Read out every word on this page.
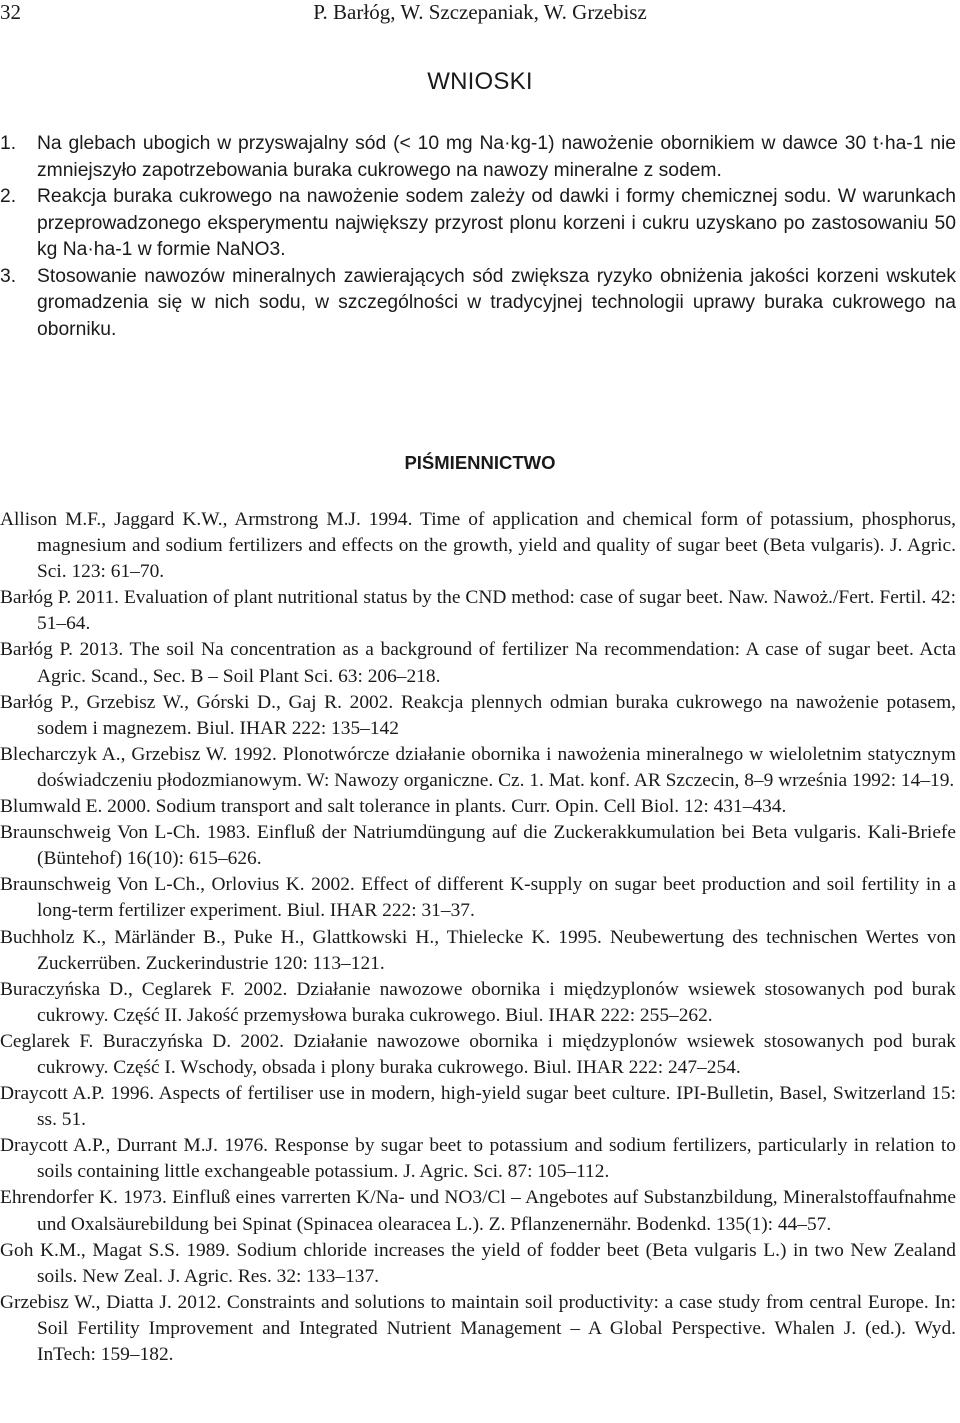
32	P. Barłóg, W. Szczepaniak, W. Grzebisz
WNIOSKI

1. Na glebach ubogich w przyswajalny sód (< 10 mg Na·kg-1) nawożenie obornikiem w dawce 30 t·ha-1 nie zmniejszyło zapotrzebowania buraka cukrowego na nawozy mineralne z sodem.

2. Reakcja buraka cukrowego na nawożenie sodem zależy od dawki i formy chemicznej sodu. W warunkach przeprowadzonego eksperymentu największy przyrost plonu korzeni i cukru uzyskano po zastosowaniu 50 kg Na·ha-1 w formie NaNO3.

3. Stosowanie nawozów mineralnych zawierających sód zwiększa ryzyko obniżenia jakości korzeni wskutek gromadzenia się w nich sodu, w szczególności w tradycyjnej technologii uprawy buraka cukrowego na oborniku.

PIŚMIENNICTWO

Allison M.F., Jaggard K.W., Armstrong M.J. 1994. Time of application and chemical form of potassium, phosphorus, magnesium and sodium fertilizers and effects on the growth, yield and quality of sugar beet (Beta vulgaris). J. Agric. Sci. 123: 61–70.

Barłóg P. 2011. Evaluation of plant nutritional status by the CND method: case of sugar beet. Naw. Nawoż./Fert. Fertil. 42: 51–64.

Barłóg P. 2013. The soil Na concentration as a background of fertilizer Na recommendation: A case of sugar beet. Acta Agric. Scand., Sec. B – Soil Plant Sci. 63: 206–218.

Barłóg P., Grzebisz W., Górski D., Gaj R. 2002. Reakcja plennych odmian buraka cukrowego na nawożenie potasem, sodem i magnezem. Biul. IHAR 222: 135–142

Blecharczyk A., Grzebisz W. 1992. Plonotwórcze działanie obornika i nawożenia mineralnego w wieloletnim statycznym doświadczeniu płodozmianowym. W: Nawozy organiczne. Cz. 1. Mat. konf. AR Szczecin, 8–9 września 1992: 14–19.

Blumwald E. 2000. Sodium transport and salt tolerance in plants. Curr. Opin. Cell Biol. 12: 431–434.

Braunschweig Von L-Ch. 1983. Einfluß der Natriumdüngung auf die Zuckerakkumulation bei Beta vulgaris. Kali-Briefe (Büntehof) 16(10): 615–626.

Braunschweig Von L-Ch., Orlovius K. 2002. Effect of different K-supply on sugar beet production and soil fertility in a long-term fertilizer experiment. Biul. IHAR 222: 31–37.

Buchholz K., Märländer B., Puke H., Glattkowski H., Thielecke K. 1995. Neubewertung des technischen Wertes von Zuckerrüben. Zuckerindustrie 120: 113–121.

Buraczyńska D., Ceglarek F. 2002. Działanie nawozowe obornika i międzyplonów wsiewek stosowanych pod burak cukrowy. Część II. Jakość przemysłowa buraka cukrowego. Biul. IHAR 222: 255–262.

Ceglarek F. Buraczyńska D. 2002. Działanie nawozowe obornika i międzyplonów wsiewek stosowanych pod burak cukrowy. Część I. Wschody, obsada i plony buraka cukrowego. Biul. IHAR 222: 247–254.

Draycott A.P. 1996. Aspects of fertiliser use in modern, high-yield sugar beet culture. IPI-Bulletin, Basel, Switzerland 15: ss. 51.

Draycott A.P., Durrant M.J. 1976. Response by sugar beet to potassium and sodium fertilizers, particularly in relation to soils containing little exchangeable potassium. J. Agric. Sci. 87: 105–112.

Ehrendorfer K. 1973. Einfluß eines varrerten K/Na- und NO3/Cl – Angebotes auf Substanzbildung, Mineralstoffaufnahme und Oxalsäurebildung bei Spinat (Spinacea olearacea L.). Z. Pflanzenernähr. Bodenkd. 135(1): 44–57.

Goh K.M., Magat S.S. 1989. Sodium chloride increases the yield of fodder beet (Beta vulgaris L.) in two New Zealand soils. New Zeal. J. Agric. Res. 32: 133–137.

Grzebisz W., Diatta J. 2012. Constraints and solutions to maintain soil productivity: a case study from central Europe. In: Soil Fertility Improvement and Integrated Nutrient Management – A Global Perspective. Whalen J. (ed.). Wyd. InTech: 159–182.
